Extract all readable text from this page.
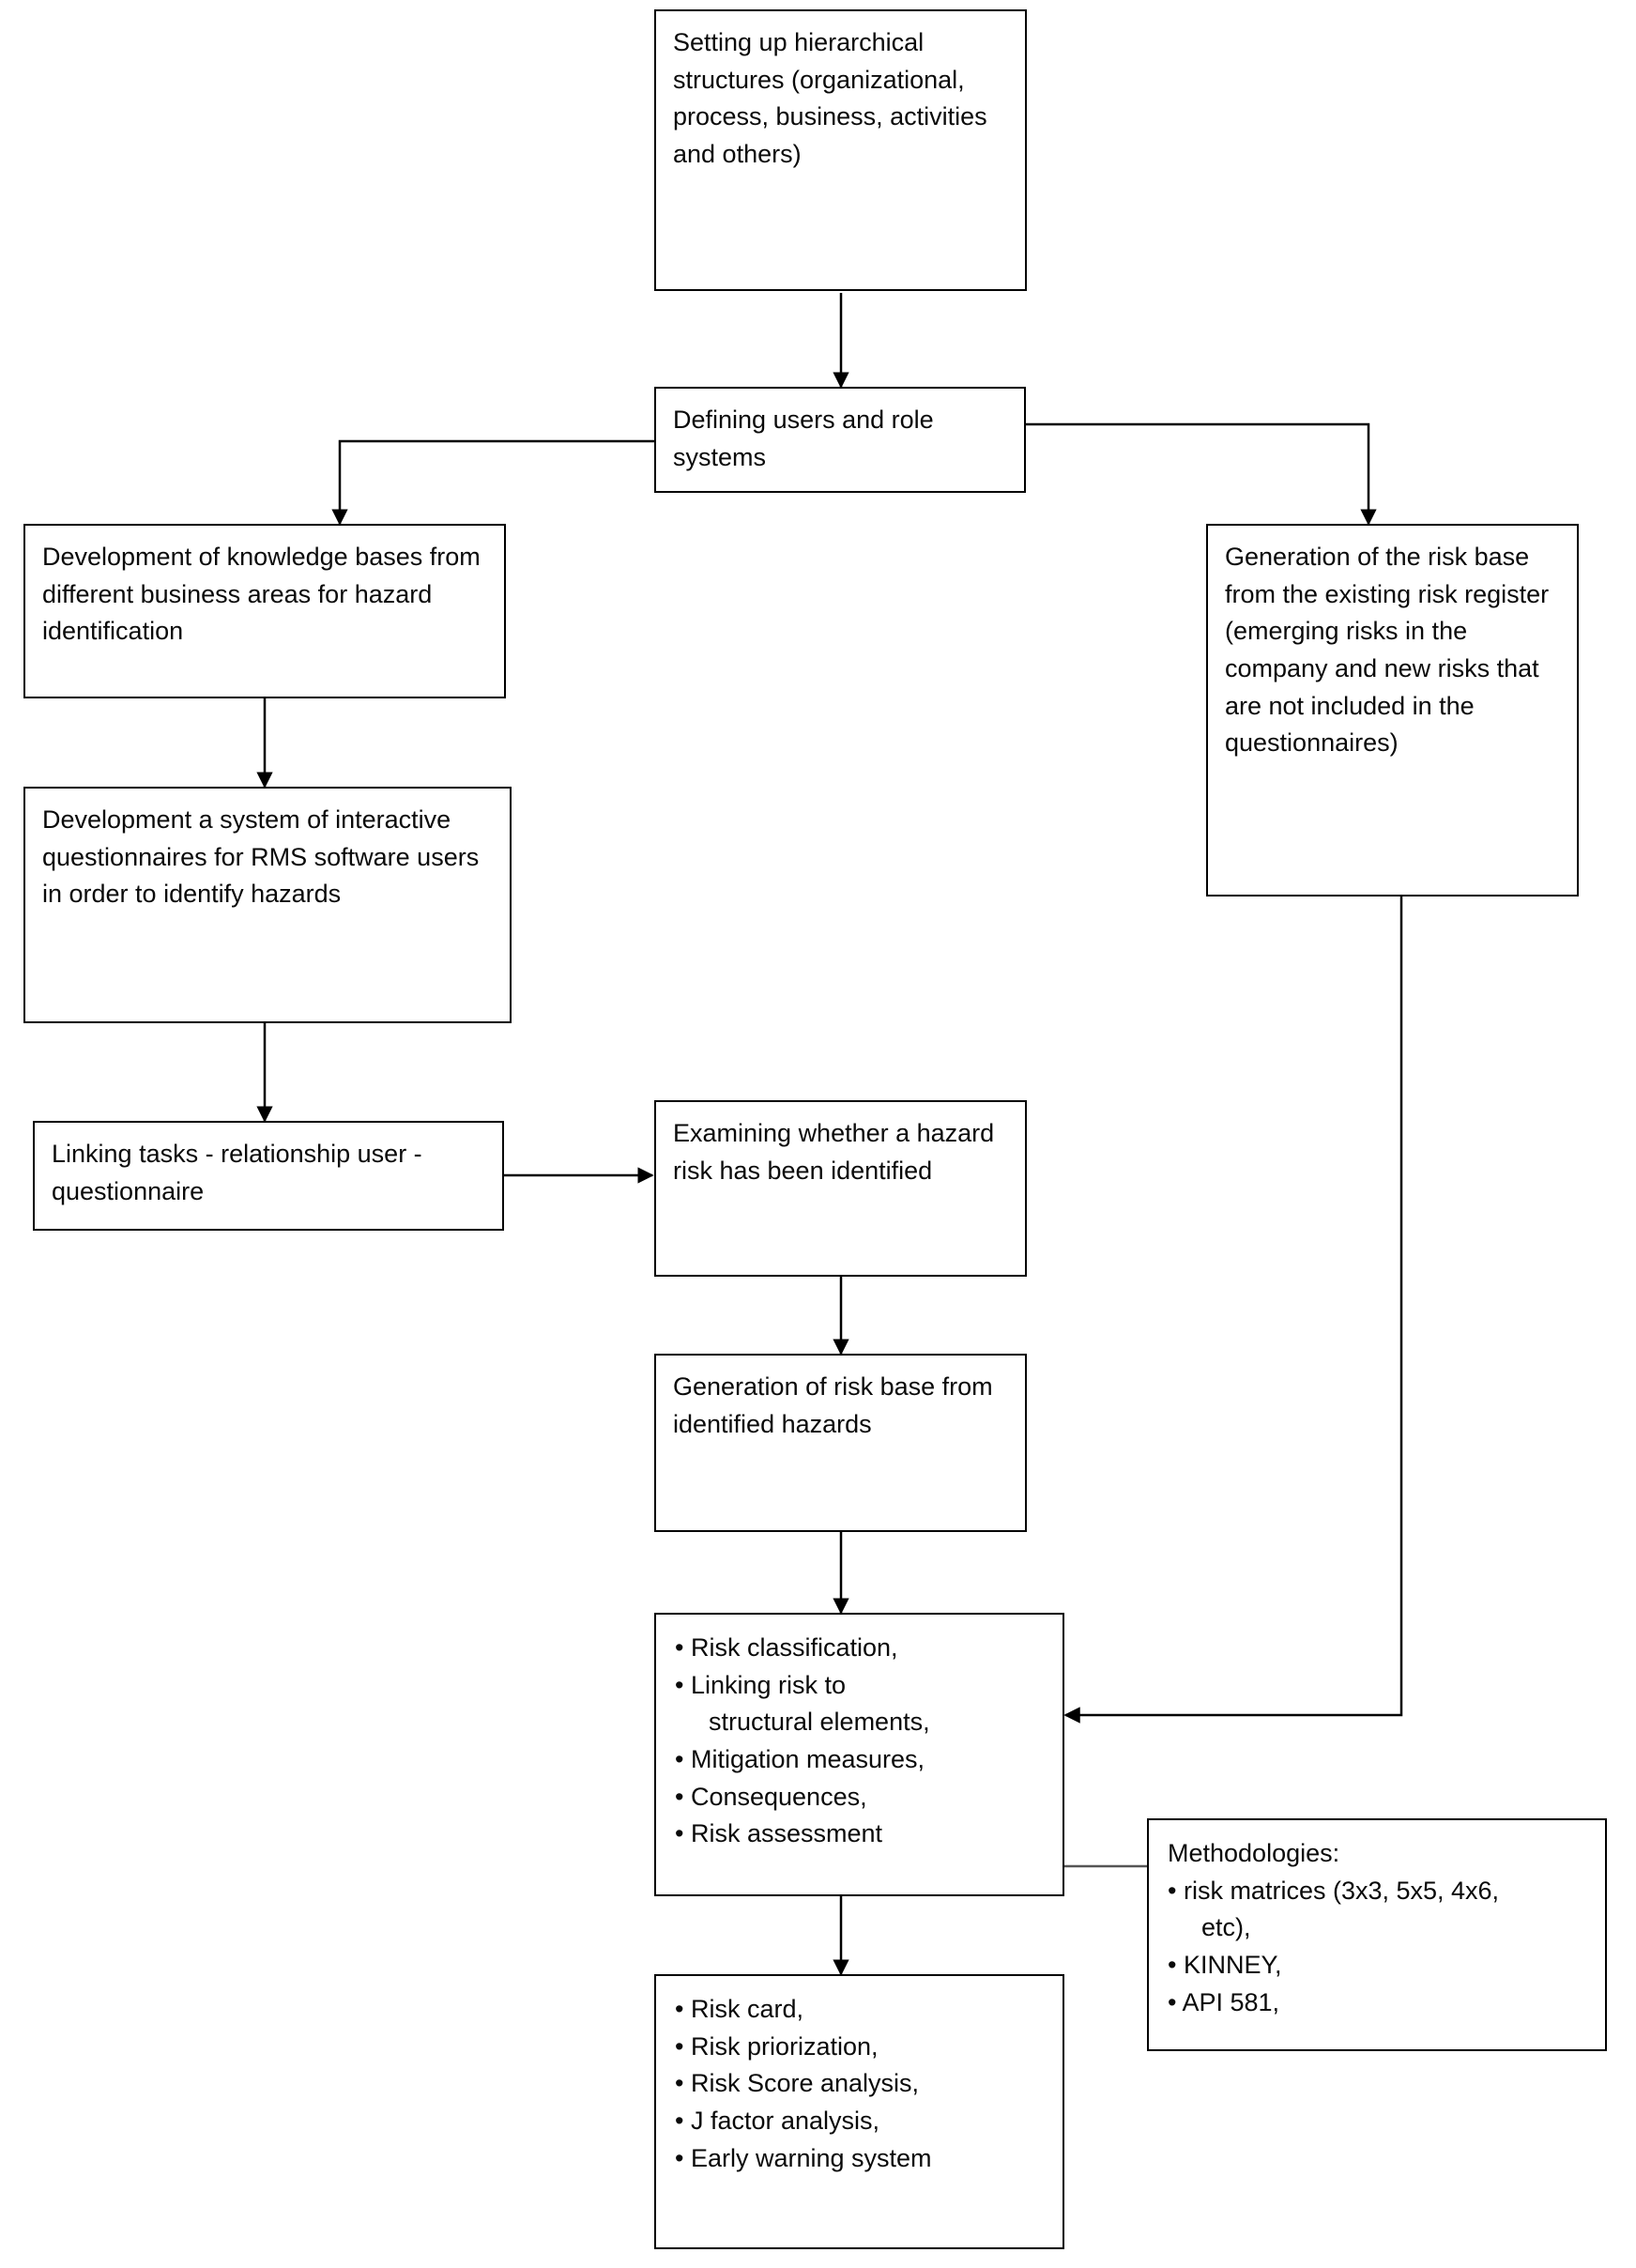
Setting up hierarchical structures (organizational, process, business, activities and others)
Defining users and role systems
Development of knowledge bases from different business areas for hazard identification
Development a system of interactive questionnaires for RMS software users in order to identify hazards
Linking tasks - relationship user - questionnaire
Examining whether a hazard risk has been identified
Generation of risk base from identified hazards
Generation of the risk base from the existing risk register (emerging risks in the company and new risks that are not included in the questionnaires)
• Risk classification,
• Linking risk to
structural elements,
• Mitigation measures,
• Consequences,
• Risk assessment
• Risk card,
• Risk priorization,
• Risk Score analysis,
• J factor analysis,
• Early warning system
Methodologies:
• risk matrices (3x3, 5x5, 4x6,
etc),
• KINNEY,
• API 581,
